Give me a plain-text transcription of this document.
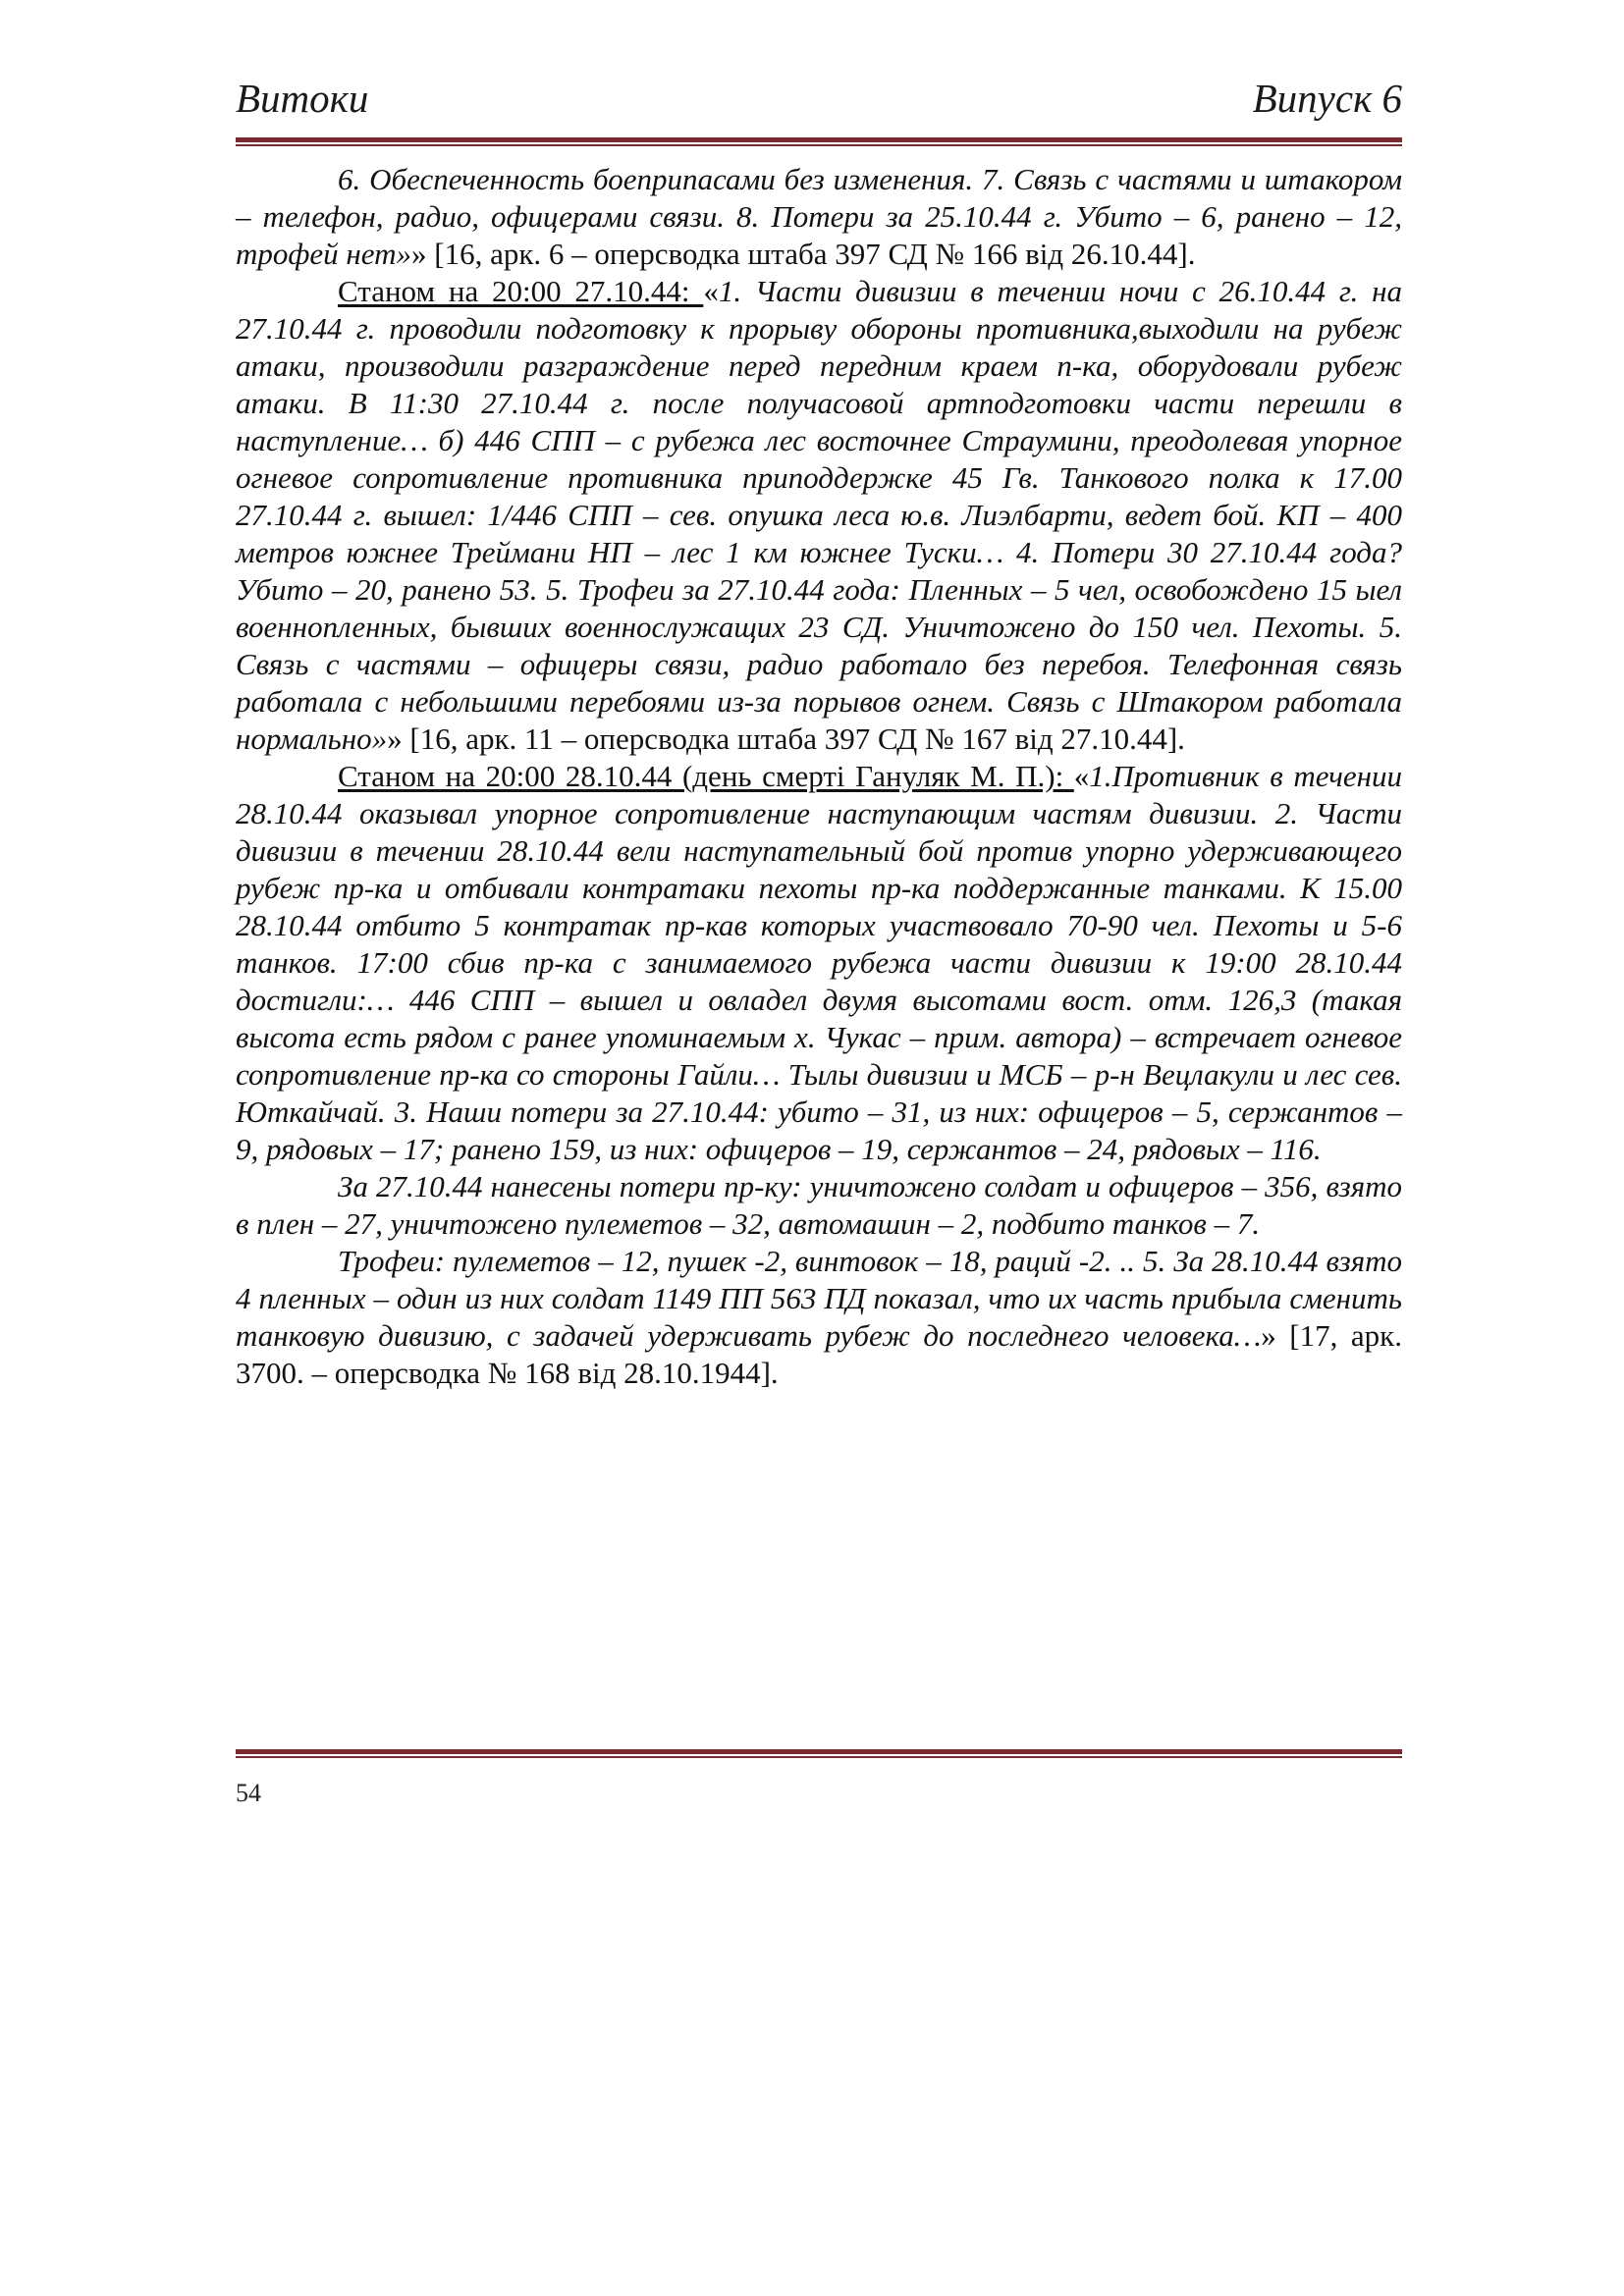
Витоки	Випуск 6

6. Обеспеченность боеприпасами без изменения. 7. Связь с частями и штакором – телефон, радио, офицерами связи. 8. Потери за 25.10.44 г. Убито – 6, ранено – 12, трофей нет»» [16, арк. 6 – оперсводка штаба 397 СД № 166 від 26.10.44].

Станом на 20:00 27.10.44: «1. Части дивизии в течении ночи с 26.10.44 г. на 27.10.44 г. проводили подготовку к прорыву обороны противника,выходили на рубеж атаки, производили разграждение перед передним краем п-ка, оборудовали рубеж атаки. В 11:30 27.10.44 г. после получасовой артподготовки части перешли в наступление… б) 446 СПП – с рубежа лес восточнее Страумини, преодолевая упорное огневое сопротивление противника приподдержке 45 Гв. Танкового полка к 17.00 27.10.44 г. вышел: 1/446 СПП – сев. опушка леса ю.в. Лиэлбарти, ведет бой. КП – 400 метров южнее Треймани НП – лес 1 км южнее Туски… 4. Потери 30 27.10.44 года? Убито – 20, ранено 53. 5. Трофеи за 27.10.44 года: Пленных – 5 чел, освобождено 15 ыел военнопленных, бывших военнослужащих 23 СД. Уничтожено до 150 чел. Пехоты. 5. Связь с частями – офицеры связи, радио работало без перебоя. Телефонная связь работала с небольшими перебоями из-за порывов огнем. Связь с Штакором работала нормально»» [16, арк. 11 – оперсводка штаба 397 СД № 167 від 27.10.44].

Станом на 20:00 28.10.44 (день смерті Гануляк М. П.): «1.Противник в течении 28.10.44 оказывал упорное сопротивление наступающим частям дивизии. 2. Части дивизии в течении 28.10.44 вели наступательный бой против упорно удерживающего рубеж пр-ка и отбивали контратаки пехоты пр-ка поддержанные танками. К 15.00 28.10.44 отбито 5 контратак пр-кав которых участвовало 70-90 чел. Пехоты и 5-6 танков. 17:00 сбив пр-ка с занимаемого рубежа части дивизии к 19:00 28.10.44 достигли:… 446 СПП – вышел и овладел двумя высотами вост. отм. 126,3 (такая высота есть рядом с ранее упоминаемым х. Чукас – прим. автора) – встречает огневое сопротивление пр-ка со стороны Гайли… Тылы дивизии и МСБ – р-н Вецлакули и лес сев. Юткайчай. 3. Наши потери за 27.10.44: убито – 31, из них: офицеров – 5, сержантов – 9, рядовых – 17; ранено 159, из них: офицеров – 19, сержантов – 24, рядовых – 116.

За 27.10.44 нанесены потери пр-ку: уничтожено солдат и офицеров – 356, взято в плен – 27, уничтожено пулеметов – 32, автомашин – 2, подбито танков – 7.

Трофеи: пулеметов – 12, пушек -2, винтовок – 18, раций -2. .. 5. За 28.10.44 взято 4 пленных – один из них солдат 1149 ПП 563 ПД показал, что их часть прибыла сменить танковую дивизию, с задачей удерживать рубеж до последнего человека…» [17, арк. 3700. – оперсводка № 168 від 28.10.1944].

54
